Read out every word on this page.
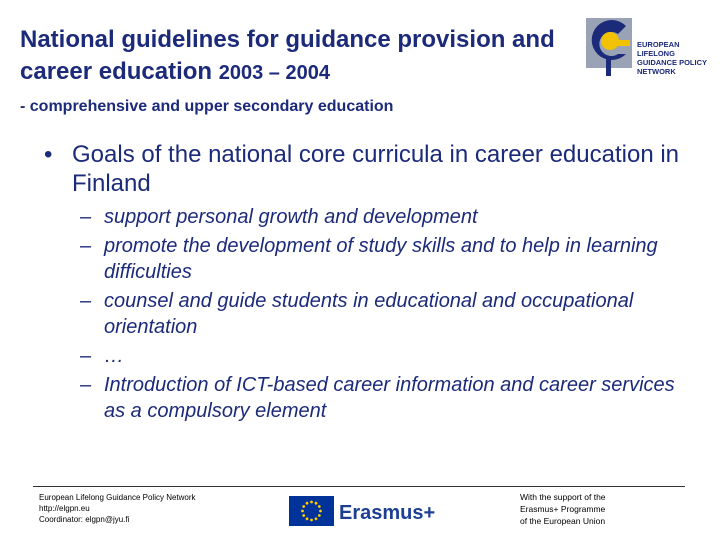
National guidelines for guidance provision and career education 2003 – 2004
- comprehensive and upper secondary education
EUROPEAN LIFELONG
GUIDANCE POLICY
NETWORK
• Goals of the national core curricula in career education in Finland
– support personal growth and development
– promote the development of study skills and to help in learning difficulties
– counsel and guide students in educational and occupational orientation
– …
– Introduction of ICT-based career information and career services as a compulsory element
European Lifelong Guidance Policy Network
http://elgpn.eu
Coordinator: elgpn@jyu.fi	Erasmus+
With the support of the
Erasmus+ Programme
of the European Union
